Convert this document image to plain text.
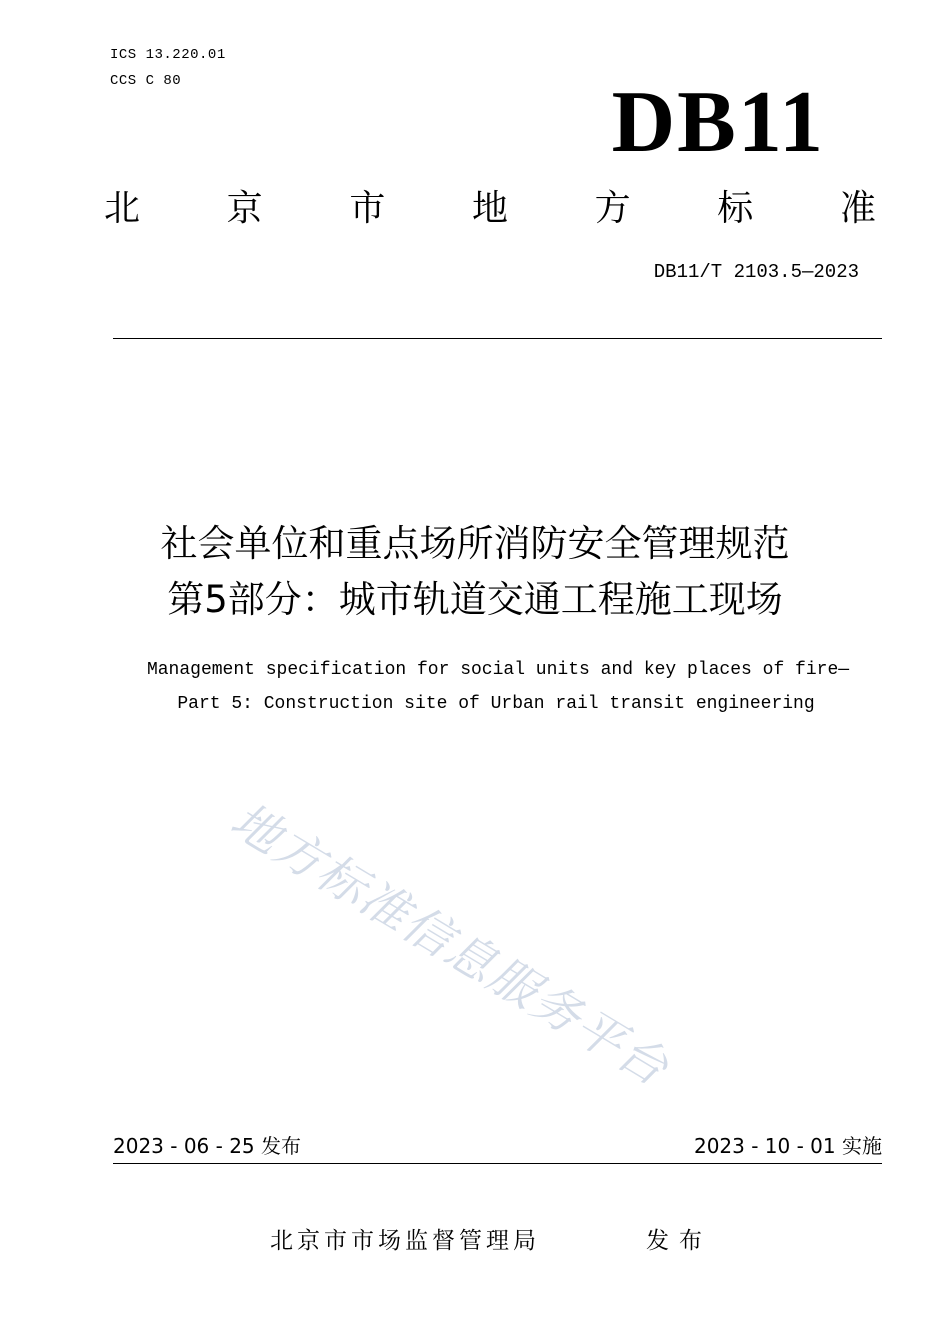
ICS 13.220.01
CCS C 80	DB11
北 京 市 地 方 标 准
DB11/T 2103.5—2023
社会单位和重点场所消防安全管理规范
第5部分：城市轨道交通工程施工现场
Management specification for social units and key places of fire—
Part 5: Construction site of Urban rail transit engineering
地方标准信息服务平台
2023 - 06 - 25 发布	2023 - 10 - 01 实施
北京市市场监督管理局	发布
